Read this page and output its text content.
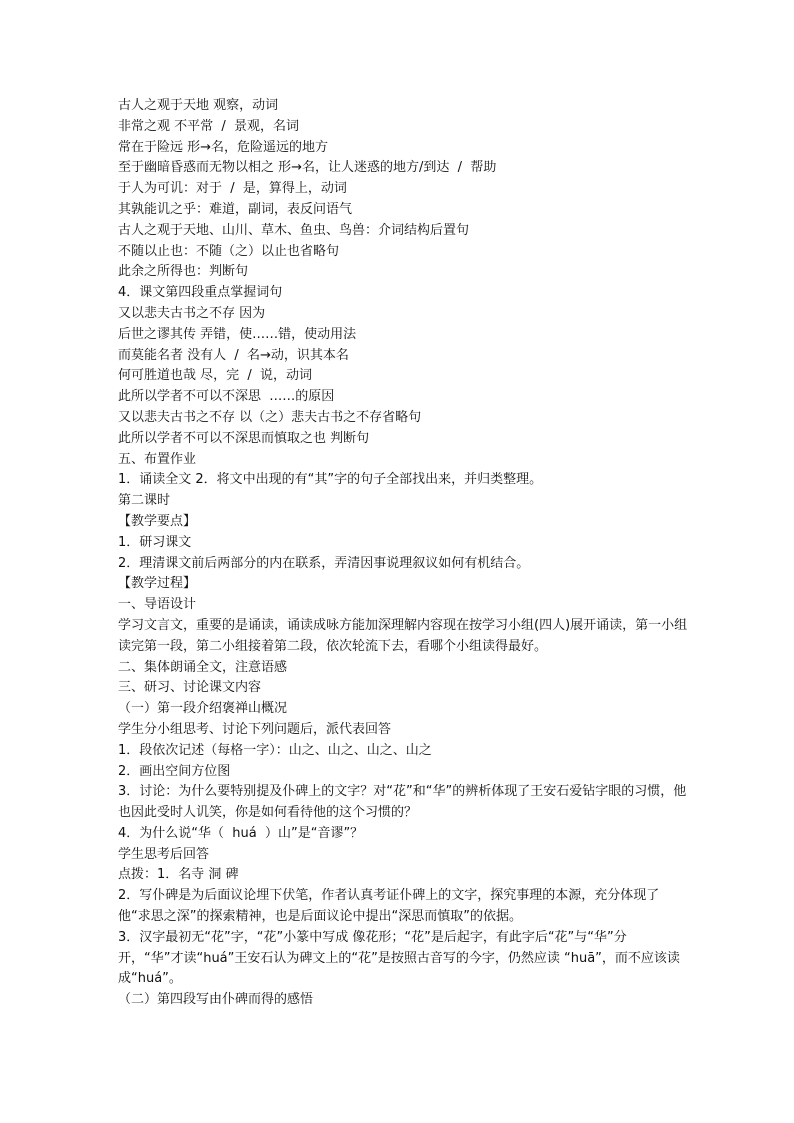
古人之观于天地 观察，动词
非常之观 不平常  /  景观，名词
常在于险远 形→名，危险遥远的地方
至于幽暗昏惑而无物以相之 形→名，让人迷惑的地方/到达  /  帮助
于人为可讥：对于  /  是，算得上，动词
其孰能讥之乎：难道，副词，表反问语气
古人之观于天地、山川、草木、鱼虫、鸟兽：介词结构后置句
不随以止也：不随（之）以止也省略句
此余之所得也：判断句
4．课文第四段重点掌握词句
又以悲夫古书之不存 因为
后世之谬其传 弄错，使……错，使动用法
而莫能名者 没有人  /  名→动，识其本名
何可胜道也哉 尽，完  /  说，动词
此所以学者不可以不深思  ……的原因
又以悲夫古书之不存 以（之）悲夫古书之不存省略句
此所以学者不可以不深思而慎取之也 判断句
五、布置作业
1．诵读全文 2．将文中出现的有“其”字的句子全部找出来，并归类整理。
第二课时
【教学要点】
1．研习课文
2．理清课文前后两部分的内在联系，弄清因事说理叙议如何有机结合。
【教学过程】
一、导语设计
学习文言文，重要的是诵读，诵读成咏方能加深理解内容现在按学习小组(四人)展开诵读，第一小组读完第一段，第二小组接着第二段，依次轮流下去，看哪个小组读得最好。
二、集体朗诵全文，注意语感
三、研习、讨论课文内容
（一）第一段介绍褒禅山概况
学生分小组思考、讨论下列问题后，派代表回答
1．段依次记述（每格一字）：山之、山之、山之、山之
2．画出空间方位图
3．讨论：为什么要特别提及仆碑上的文字？对“花”和“华”的辨析体现了王安石爱钻字眼的习惯，他也因此受时人讥笑，你是如何看待他的这个习惯的？
4．为什么说“华（  huá  ）山”是“音谬”？
学生思考后回答
点拨：1．名寺 洞 碑
2．写仆碑是为后面议论埋下伏笔，作者认真考证仆碑上的文字，探究事理的本源，充分体现了他“求思之深”的探索精神，也是后面议论中提出“深思而慎取”的依据。
3．汉字最初无“花”字，“花”小篆中写成 像花形；“花”是后起字，有此字后“花”与“华”分开，“华”才读“huá”王安石认为碑文上的“花”是按照古音写的今字，仍然应读 “huā”，而不应该读成“huá”。
（二）第四段写由仆碑而得的感悟
